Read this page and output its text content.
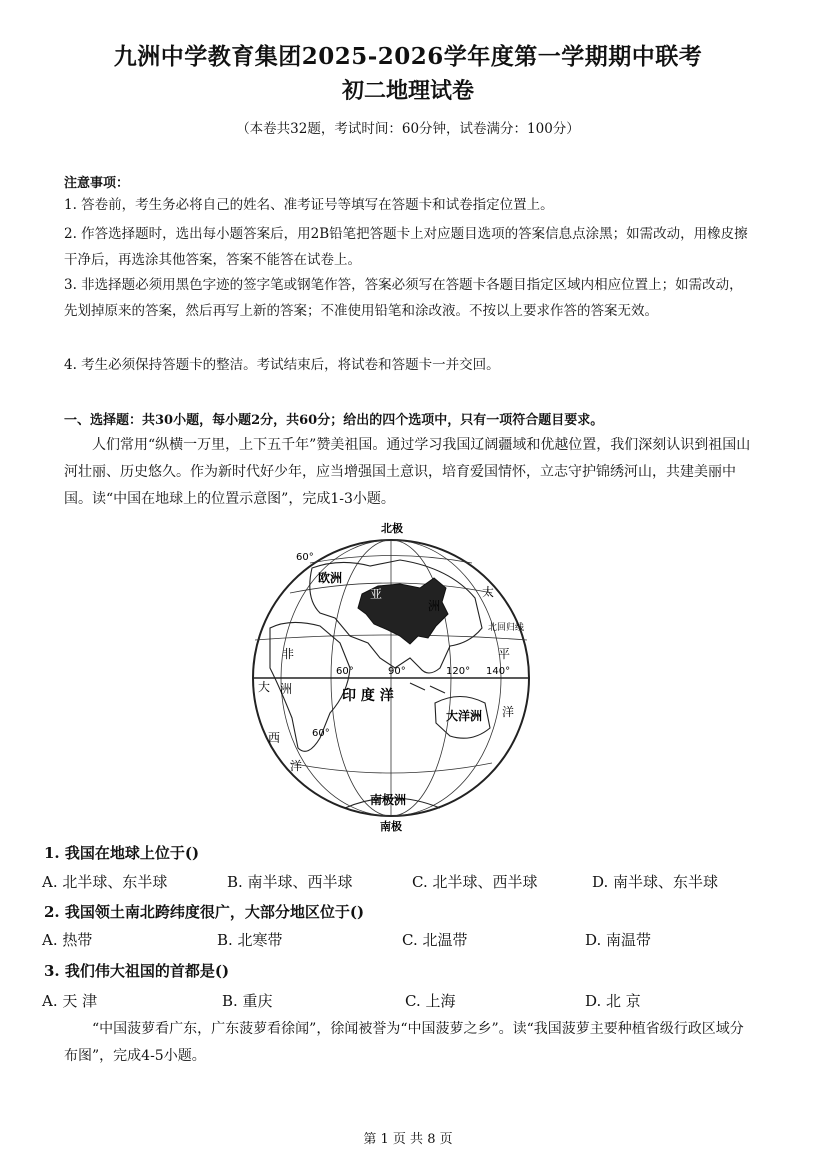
九洲中学教育集团2025-2026学年度第一学期期中联考
初二地理试卷
（本卷共32题，考试时间：60分钟，试卷满分：100分）
注意事项：
1. 答卷前，考生务必将自己的姓名、准考证号等填写在答题卡和试卷指定位置上。
2. 作答选择题时，选出每小题答案后，用2B铅笔把答题卡上对应题目选项的答案信息点涂黑；如需改动，用橡皮擦干净后，再选涂其他答案，答案不能答在试卷上。
3. 非选择题必须用黑色字迹的签字笔或钢笔作答，答案必须写在答题卡各题目指定区域内相应位置上；如需改动，先划掉原来的答案，然后再写上新的答案；不准使用铅笔和涂改液。不按以上要求作答的答案无效。
4. 考生必须保持答题卡的整洁。考试结束后，将试卷和答题卡一并交回。
一、选择题：共30小题，每小题2分，共60分；给出的四个选项中，只有一项符合题目要求。
人们常用“纵横一万里，上下五千年”赞美祖国。通过学习我国辽阔疆域和优越位置，我们深刻认识到祖国山河壮丽、历史悠久。作为新时代好少年，应当增强国土意识，培育爱国情怀，立志守护锦绣河山，共建美丽中国。读“中国在地球上的位置示意图”，完成1-3小题。
北极
60°
60°
60°	90°	120° 140°
欧洲
亚
洲
太
平
洋
北回归线
非
洲
大
印 度 洋
大洋洲
西
洋
南极洲
南极
1. 我国在地球上位于()
A. 北半球、东半球	B. 南半球、西半球	C. 北半球、西半球	D. 南半球、东半球
2. 我国领土南北跨纬度很广，大部分地区位于()
A. 热带	B. 北寒带	C. 北温带	D. 南温带
3. 我们伟大祖国的首都是()
A. 天 津	B. 重庆	C. 上海	D. 北 京
“中国菠萝看广东，广东菠萝看徐闻”，徐闻被誉为“中国菠萝之乡”。读“我国菠萝主要种植省级行政区域分布图”，完成4-5小题。
第 1 页 共 8 页
